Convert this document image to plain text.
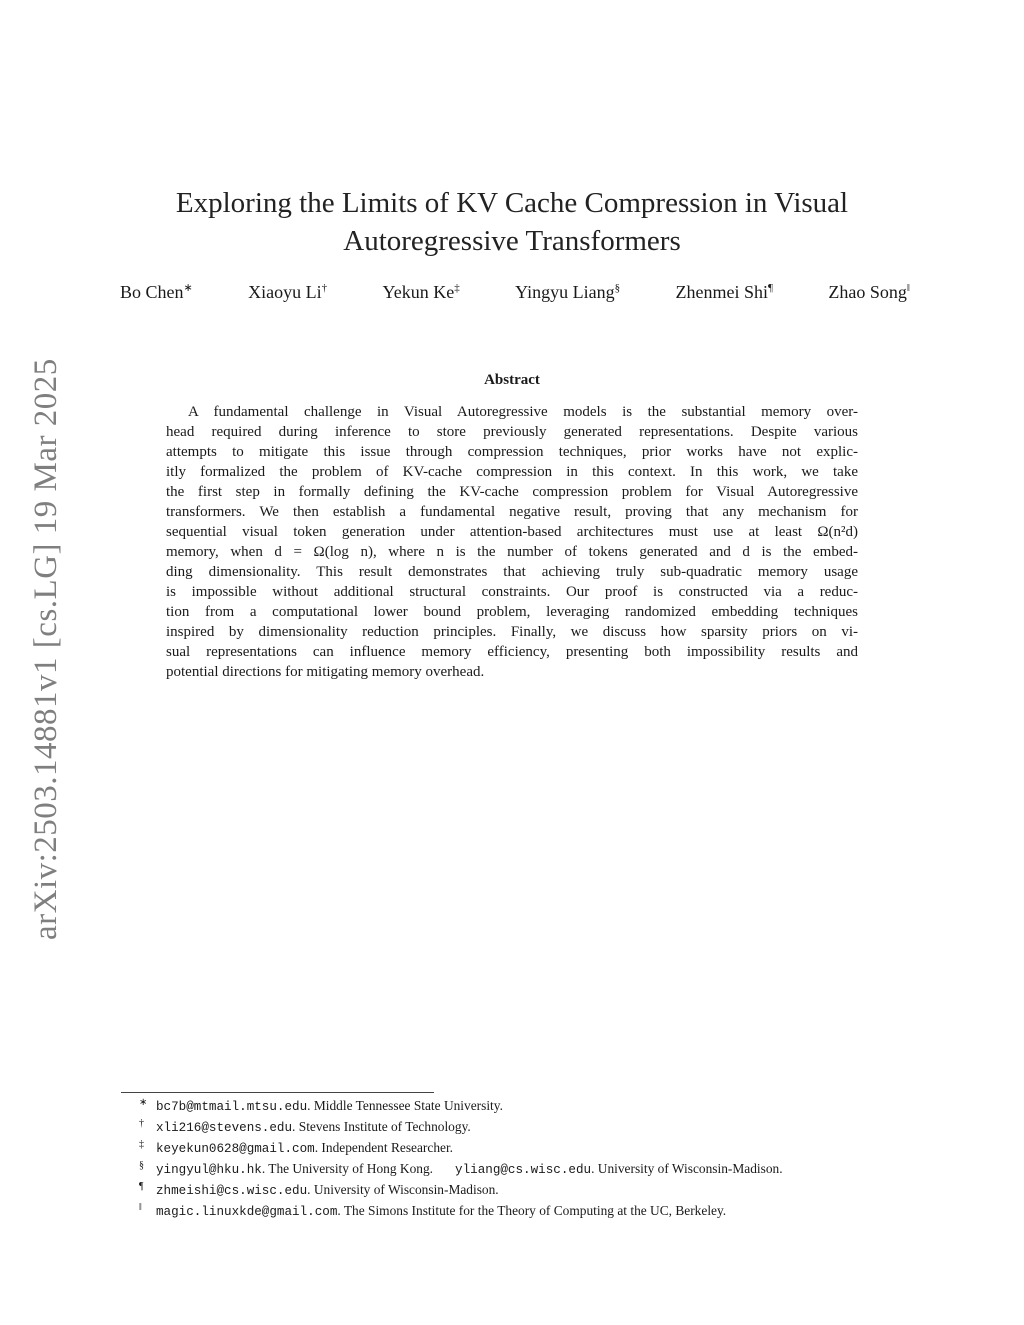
arXiv:2503.14881v1 [cs.LG] 19 Mar 2025
Exploring the Limits of KV Cache Compression in Visual
Autoregressive Transformers
Bo Chen∗	Xiaoyu Li†	Yekun Ke‡	Yingyu Liang§	Zhenmei Shi¶	Zhao Song‖
Abstract
A fundamental challenge in Visual Autoregressive models is the substantial memory over-
head required during inference to store previously generated representations. Despite various
attempts to mitigate this issue through compression techniques, prior works have not explic-
itly formalized the problem of KV-cache compression in this context. In this work, we take
the first step in formally defining the KV-cache compression problem for Visual Autoregressive
transformers. We then establish a fundamental negative result, proving that any mechanism for
sequential visual token generation under attention-based architectures must use at least Ω(n²d)
memory, when d = Ω(log n), where n is the number of tokens generated and d is the embed-
ding dimensionality. This result demonstrates that achieving truly sub-quadratic memory usage
is impossible without additional structural constraints. Our proof is constructed via a reduc-
tion from a computational lower bound problem, leveraging randomized embedding techniques
inspired by dimensionality reduction principles. Finally, we discuss how sparsity priors on vi-
sual representations can influence memory efficiency, presenting both impossibility results and
potential directions for mitigating memory overhead.
∗ bc7b@mtmail.mtsu.edu. Middle Tennessee State University.
† xli216@stevens.edu. Stevens Institute of Technology.
‡ keyekun0628@gmail.com. Independent Researcher.
§ yingyul@hku.hk. The University of Hong Kong. yliang@cs.wisc.edu. University of Wisconsin-Madison.
¶ zhmeishi@cs.wisc.edu. University of Wisconsin-Madison.
‖ magic.linuxkde@gmail.com. The Simons Institute for the Theory of Computing at the UC, Berkeley.
